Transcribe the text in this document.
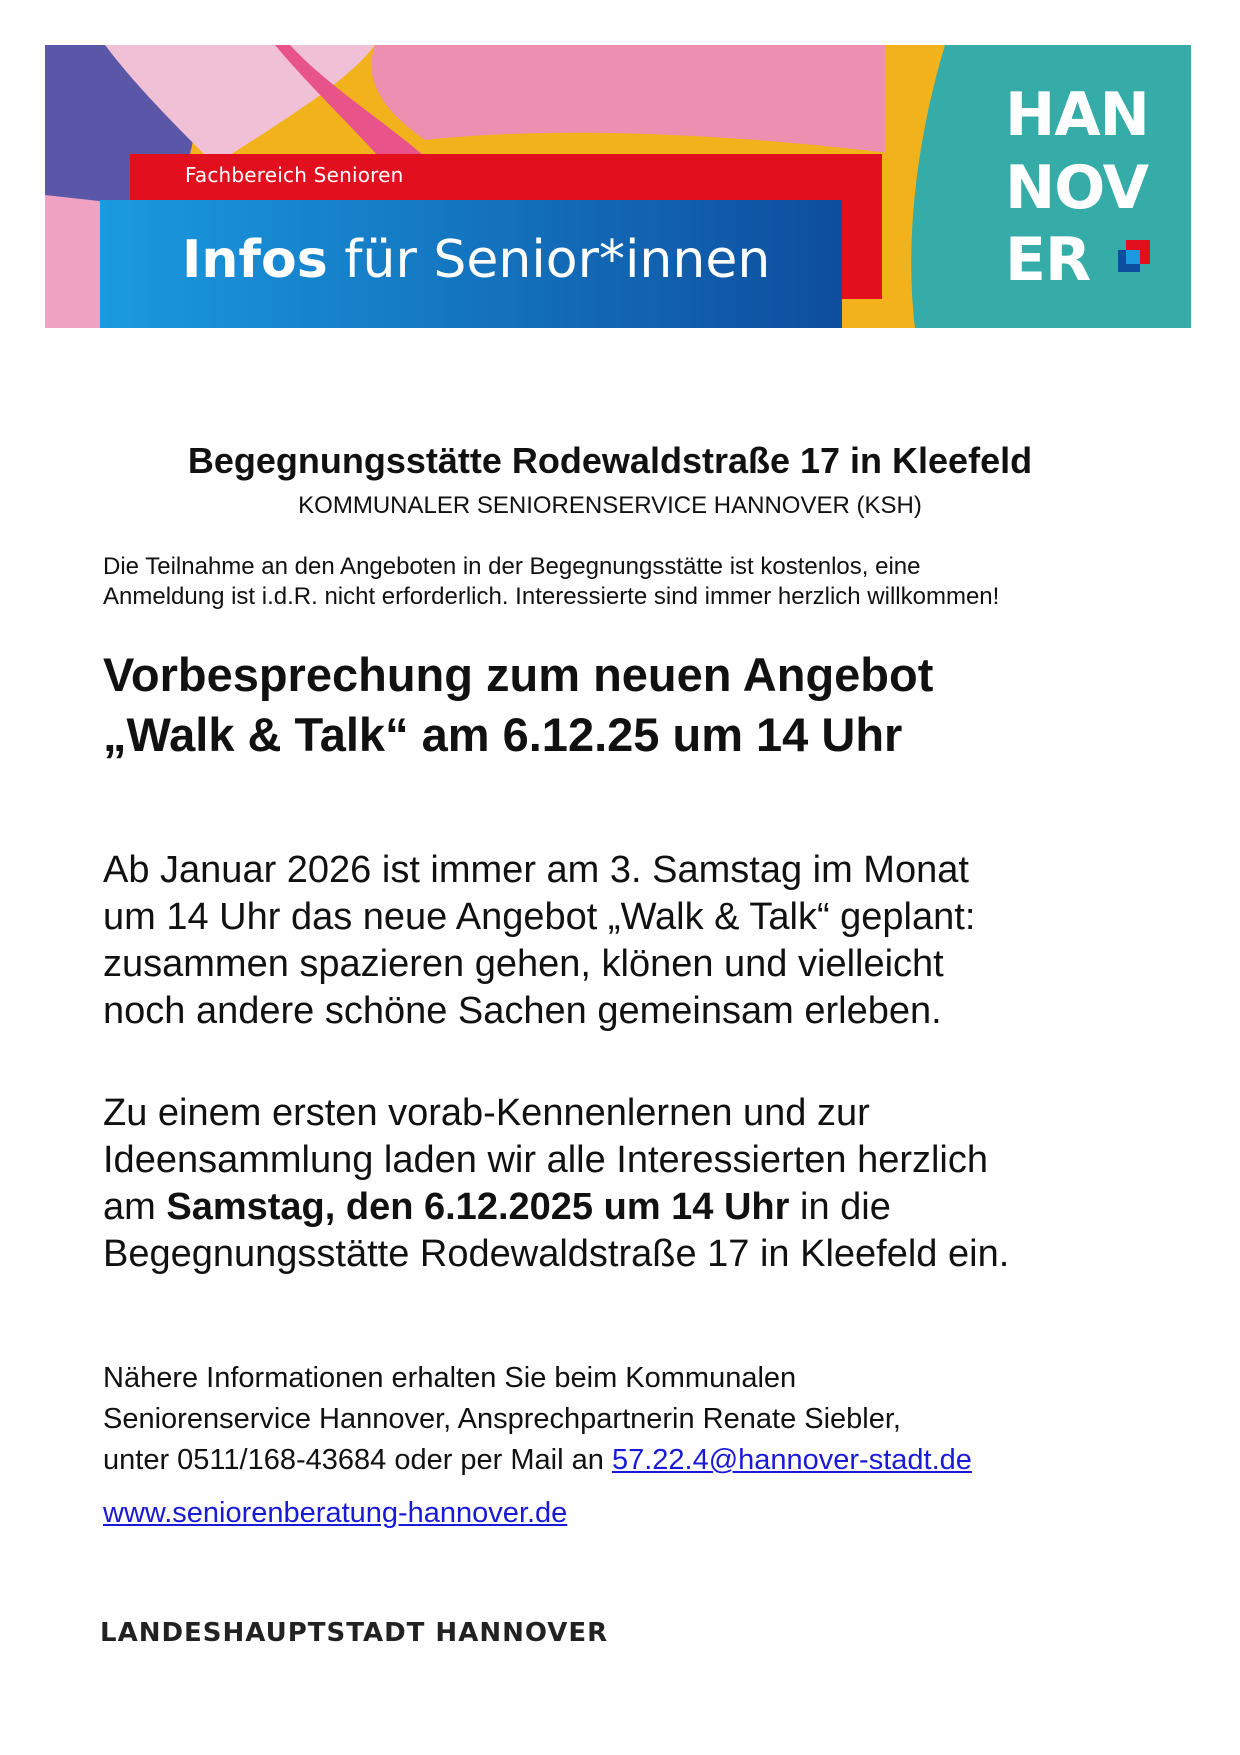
Fachbereich Senioren
Infos für Senior*innen
HAN
NOV
ER
Begegnungsstätte Rodewaldstraße 17 in Kleefeld
KOMMUNALER SENIORENSERVICE HANNOVER (KSH)

Die Teilnahme an den Angeboten in der Begegnungsstätte ist kostenlos, eine

Anmeldung ist i.d.R. nicht erforderlich. Interessierte sind immer herzlich willkommen!

Vorbesprechung zum neuen Angebot

„Walk & Talk“ am 6.12.25 um 14 Uhr

Ab Januar 2026 ist immer am 3. Samstag im Monat

um 14 Uhr das neue Angebot „Walk & Talk“ geplant:

zusammen spazieren gehen, klönen und vielleicht

noch andere schöne Sachen gemeinsam erleben.

Zu einem ersten vorab-Kennenlernen und zur

Ideensammlung laden wir alle Interessierten herzlich

am Samstag, den 6.12.2025 um 14 Uhr in die

Begegnungsstätte Rodewaldstraße 17 in Kleefeld ein.

Nähere Informationen erhalten Sie beim Kommunalen

Seniorenservice Hannover, Ansprechpartnerin Renate Siebler,

unter 0511/168-43684 oder per Mail an 57.22.4@hannover-stadt.de

www.seniorenberatung-hannover.de
LANDESHAUPTSTADT HANNOVER
